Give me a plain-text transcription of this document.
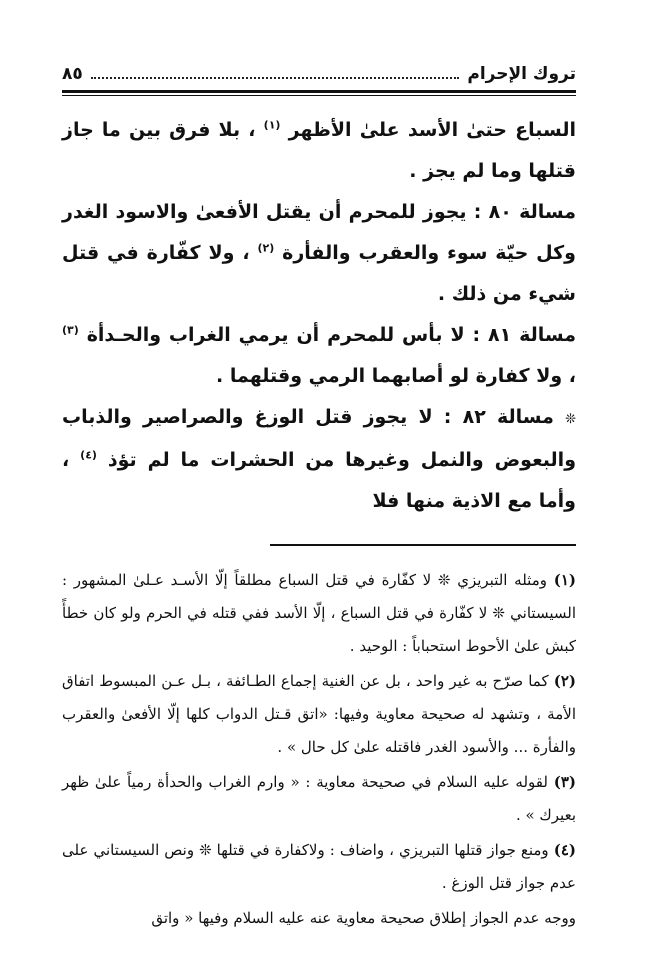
تروك الإحرام
٨٥

السباع حتىٰ الأسد علىٰ الأظهر $^{(١)}$ ، بلا فرق بين ما جاز قتلها وما لم يجز .

مسالة ٨٠ : يجوز للمحرم أن يقتل الأفعىٰ والاسود الغدر وكل حيّة سوء والعقرب والفأرة $^{(٢)}$ ، ولا كفّارة في قتل شيء من ذلك .

مسالة ٨١ : لا بأس للمحرم أن يرمي الغراب والحـدأة $^{(٣)}$ ، ولا كفارة لو أصابهما الرمي وقتلهما .

❊ مسالة ٨٢ : لا يجوز قتل الوزغ والصراصير والذباب والبعوض والنمل وغيرها من الحشرات ما لم تؤذ $^{(٤)}$ ، وأما مع الاذية منها فلا

(١) ومثله التبريزي ❊ لا كفّارة في قتل السباع مطلقاً إلّا الأسـد عـلىٰ المشهور : السيستاني ❊ لا كفّارة في قتل السباع ، إلّا الأسد ففي قتله في الحرم ولو كان خطأً كبش علىٰ الأحوط استحباباً : الوحيد .

(٢) كما صرّح به غير واحد ، بل عن الغنية إجماع الطـائفة ، بـل عـن المبسوط اتفاق الأمة ، وتشهد له صحيحة معاوية وفيها: «اتق قـتل الدواب كلها إلّا الأفعىٰ والعقرب والفأرة ... والأسود الغدر فاقتله علىٰ كل حال » .

(٣) لقوله عليه السلام في صحيحة معاوية : « وارم الغراب والحدأة رمياً علىٰ ظهر بعيرك » .

(٤) ومنع جواز قتلها التبريزي ، واضاف : ولاكفارة في قتلها ❊ ونص السيستاني على عدم جواز قتل الوزغ .

ووجه عدم الجواز إطلاق صحيحة معاوية عنه عليه السلام وفيها « واتق
